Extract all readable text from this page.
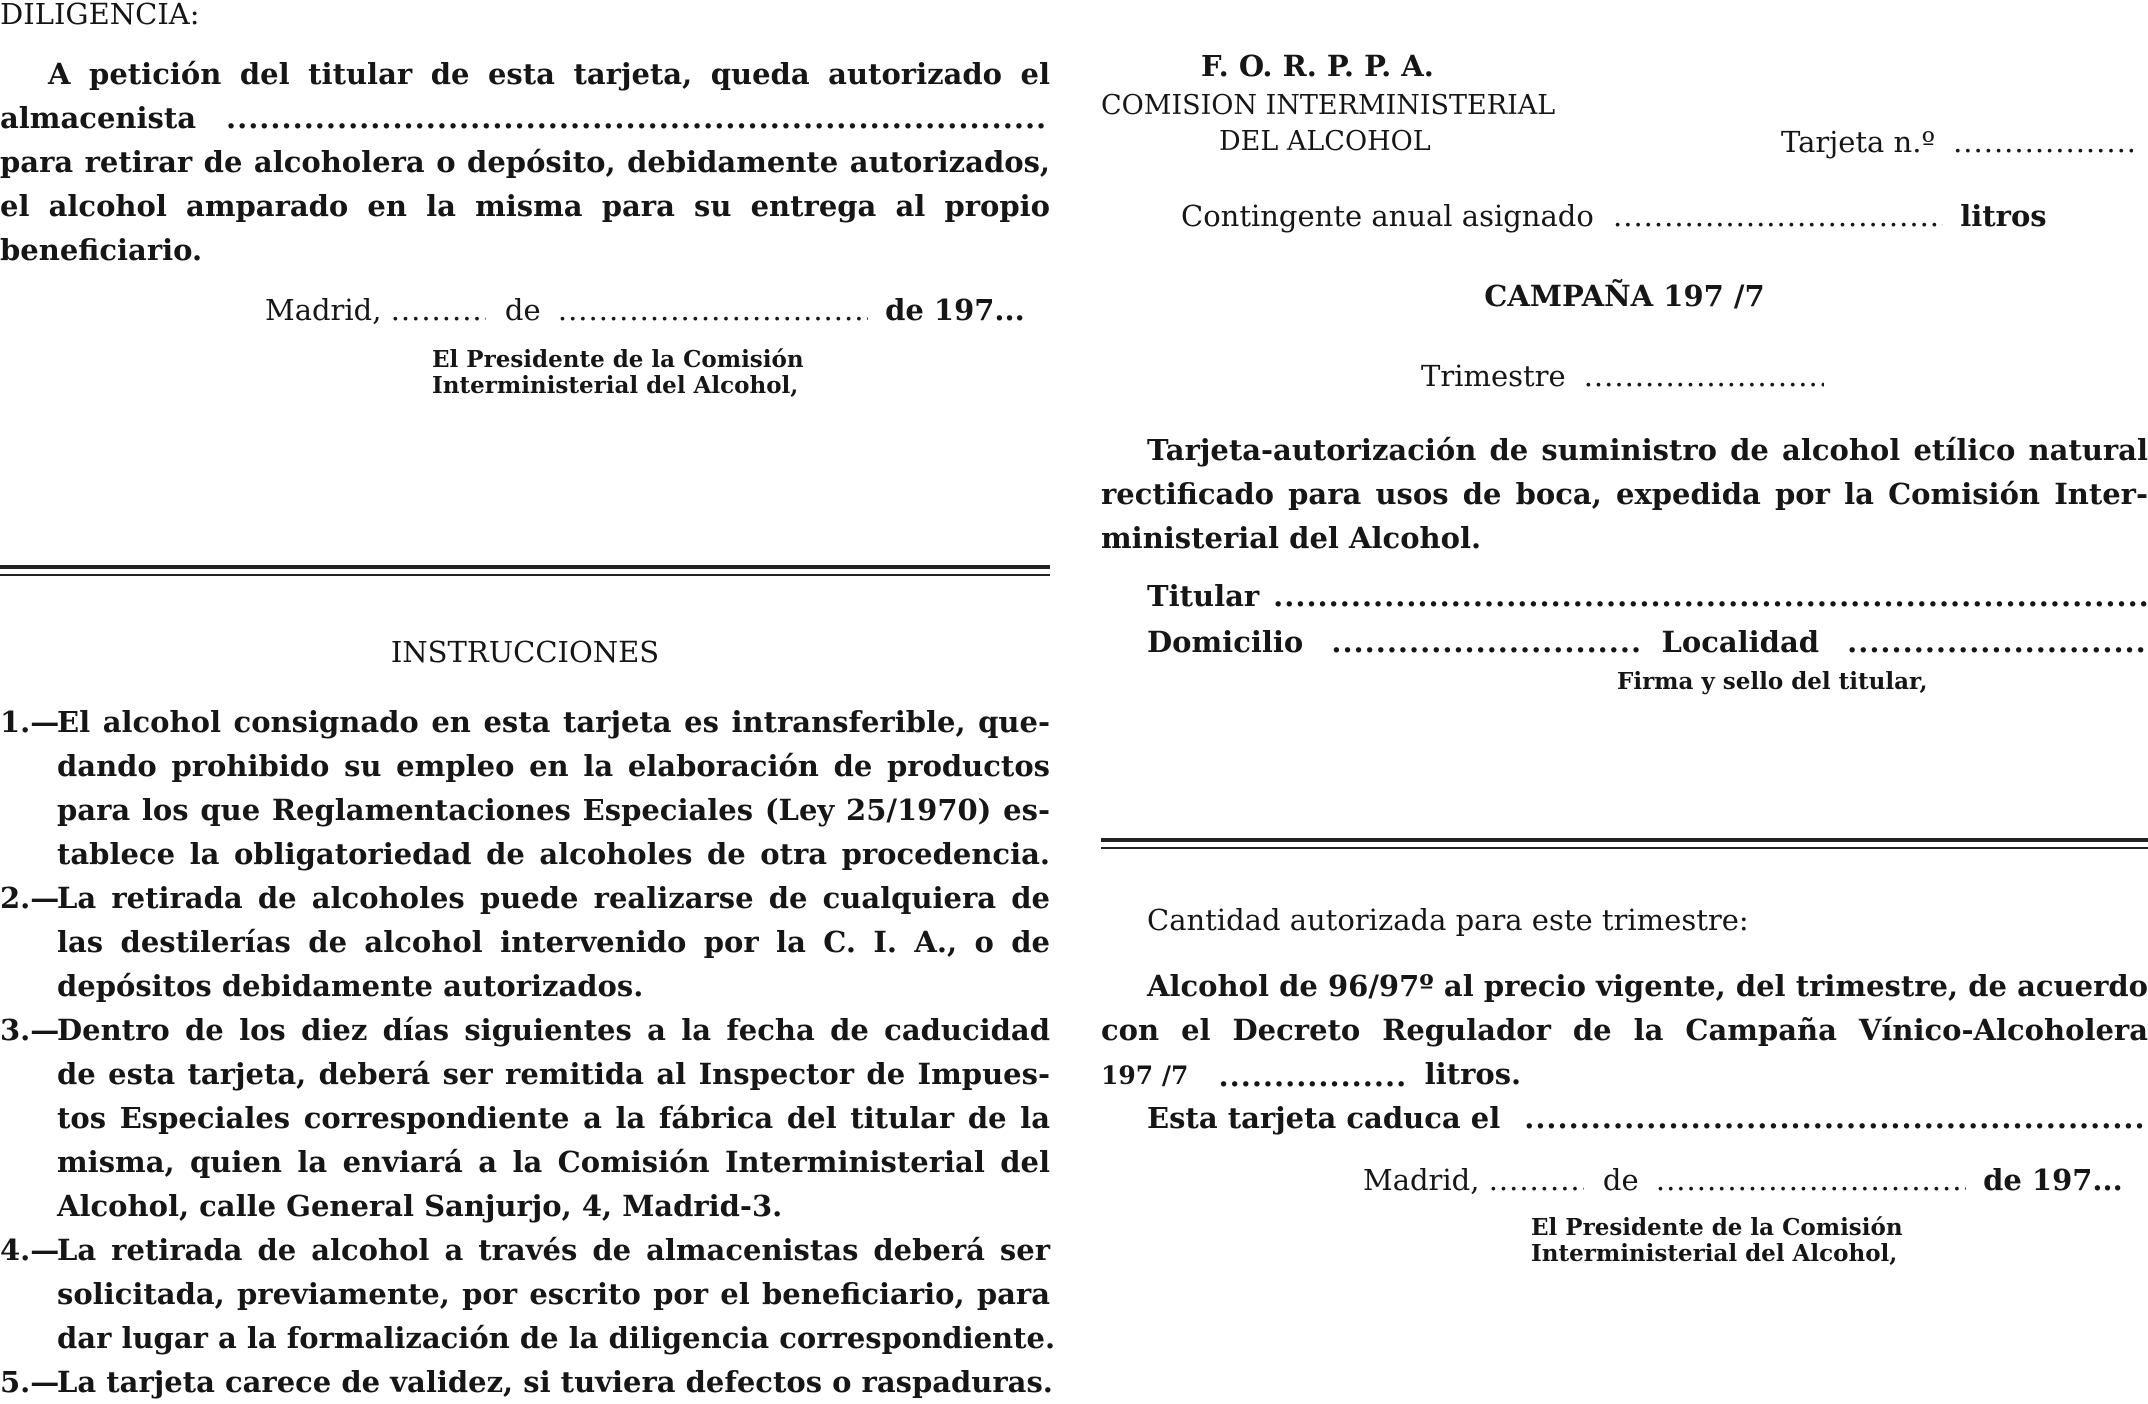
DILIGENCIA:
A petición del titular de esta tarjeta, queda autorizado el
almacenista.....
para retirar de alcoholera o depósito, debidamente autorizados,
el alcohol amparado en la misma para su entrega al propio
beneficiario.
Madrid, .....	de .....	de 197...
El Presidente de la Comisión
Interministerial del Alcohol,
INSTRUCCIONES
1.—
El alcohol consignado en esta tarjeta es intransferible, que-
dando prohibido su empleo en la elaboración de productos
para los que Reglamentaciones Especiales (Ley 25/1970) es-
tablece la obligatoriedad de alcoholes de otra procedencia.
2.—
La retirada de alcoholes puede realizarse de cualquiera de
las destilerías de alcohol intervenido por la C. I. A., o de
depósitos debidamente autorizados.
3.—
Dentro de los diez días siguientes a la fecha de caducidad
de esta tarjeta, deberá ser remitida al Inspector de Impues-
tos Especiales correspondiente a la fábrica del titular de la
misma, quien la enviará a la Comisión Interministerial del
Alcohol, calle General Sanjurjo, 4, Madrid-3.
4.—
La retirada de alcohol a través de almacenistas deberá ser
solicitada, previamente, por escrito por el beneficiario, para
dar lugar a la formalización de la diligencia correspondiente.
5.—
La tarjeta carece de validez, si tuviera defectos o raspaduras.
F. O. R. P. P. A.
COMISION INTERMINISTERIAL
DEL ALCOHOL	Tarjeta n.º.....
Contingente anual asignado .....	litros
CAMPAÑA 197 /7
Trimestre.....
Tarjeta-autorización de suministro de alcohol etílico natural
rectificado para usos de boca, expedida por la Comisión Inter-
ministerial del Alcohol.
Titular.....
Domicilio .....	Localidad .....
Firma y sello del titular,
Cantidad autorizada para este trimestre:
Alcohol de 96/97º al precio vigente, del trimestre, de acuerdo
con el Decreto Regulador de la Campaña Vínico-Alcoholera
197 /7 .....	litros.
Esta tarjeta caduca el.....
Madrid, .....	de .....	de 197...
El Presidente de la Comisión
Interministerial del Alcohol,
